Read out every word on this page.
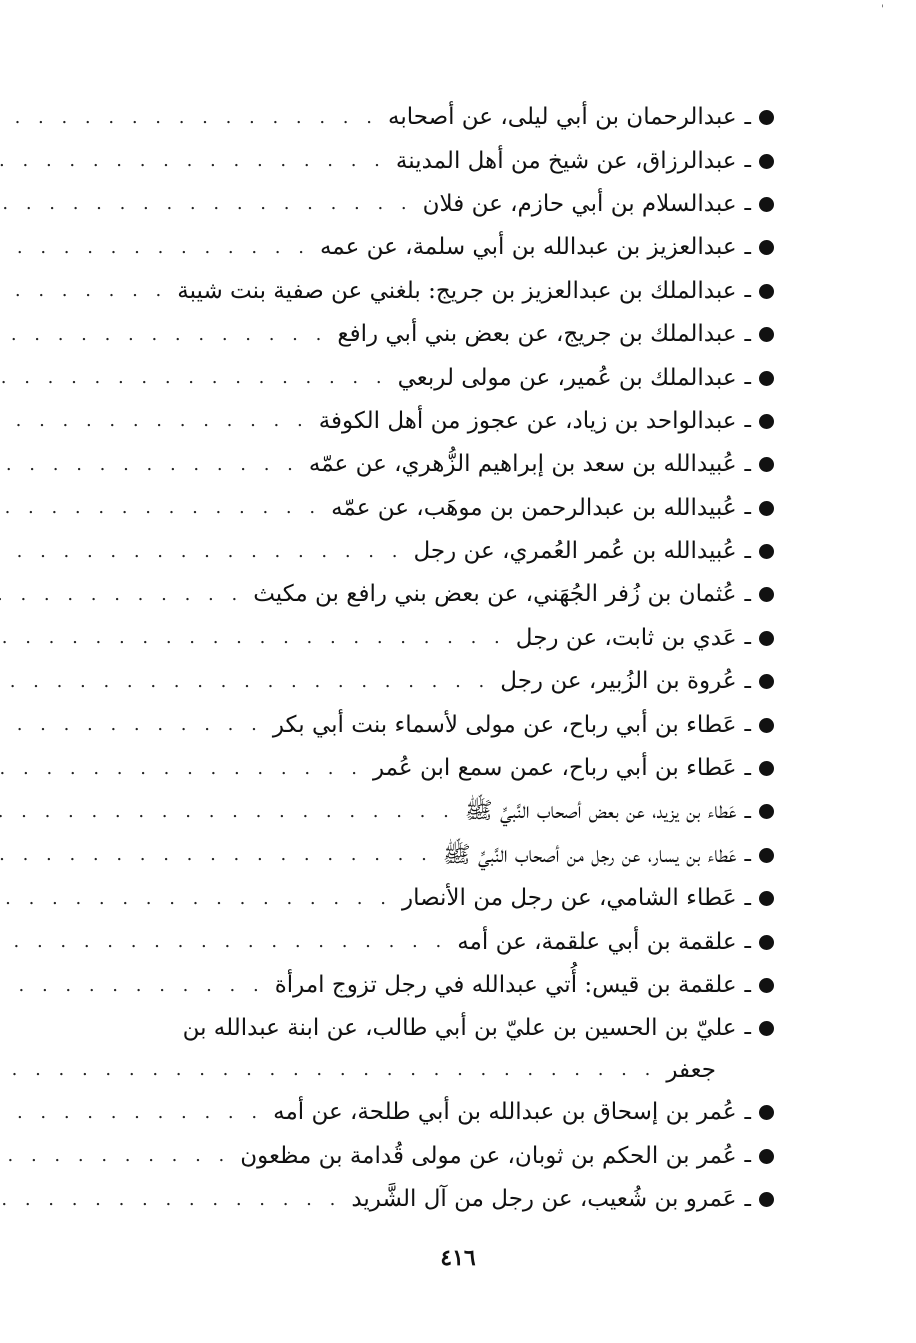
'
ـ
عبدالرحمان بن أبي ليلى، عن أصحابه
. . .
ـ
عبدالرزاق، عن شيخ من أهل المدينة
. . .
ـ
عبدالسلام بن أبي حازم، عن فلان
. . .
ـ
عبدالعزيز بن عبدالله بن أبي سلمة، عن عمه
. . .
ـ
عبدالملك بن عبدالعزيز بن جريج: بلغني عن صفية بنت شيبة
. . .
ـ
عبدالملك بن جريج، عن بعض بني أبي رافع
. . .
ـ
عبدالملك بن عُمير، عن مولى لربعي
. . .
ـ
عبدالواحد بن زياد، عن عجوز من أهل الكوفة
. . .
ـ
عُبيدالله بن سعد بن إبراهيم الزُّهري، عن عمّه
. . .
ـ
عُبيدالله بن عبدالرحمن بن موهَب، عن عمّه
. . .
ـ
عُبيدالله بن عُمر العُمري، عن رجل
. . .
ـ
عُثمان بن زُفر الجُهَني، عن بعض بني رافع بن مكيث
. . .
ـ
عَدي بن ثابت، عن رجل
. . .
ـ
عُروة بن الزُبير، عن رجل
. . .
ـ
عَطاء بن أبي رباح، عن مولى لأسماء بنت أبي بكر
. . .
ـ
عَطاء بن أبي رباح، عمن سمع ابن عُمر
. . .
ـ
عَطاء بن يزيد، عن بعض أصحاب النَّبيِّ ﷺ
. . .
ـ
عَطاء بن يسار، عن رجل من أصحاب النَّبيِّ ﷺ
. . .
ـ
عَطاء الشامي، عن رجل من الأنصار
. . .
ـ
علقمة بن أبي علقمة، عن أمه
. . .
ـ
علقمة بن قيس: أُتي عبدالله في رجل تزوج امرأة
. . .
ـ
عليّ بن الحسين بن عليّ بن أبي طالب، عن ابنة عبدالله بن
جعفر
. . .
ـ
عُمر بن إسحاق بن عبدالله بن أبي طلحة، عن أمه
. . .
ـ
عُمر بن الحكم بن ثوبان، عن مولى قُدامة بن مظعون
. . .
ـ
عَمرو بن شُعيب، عن رجل من آل الشَّريد
. . .
٤١٦
